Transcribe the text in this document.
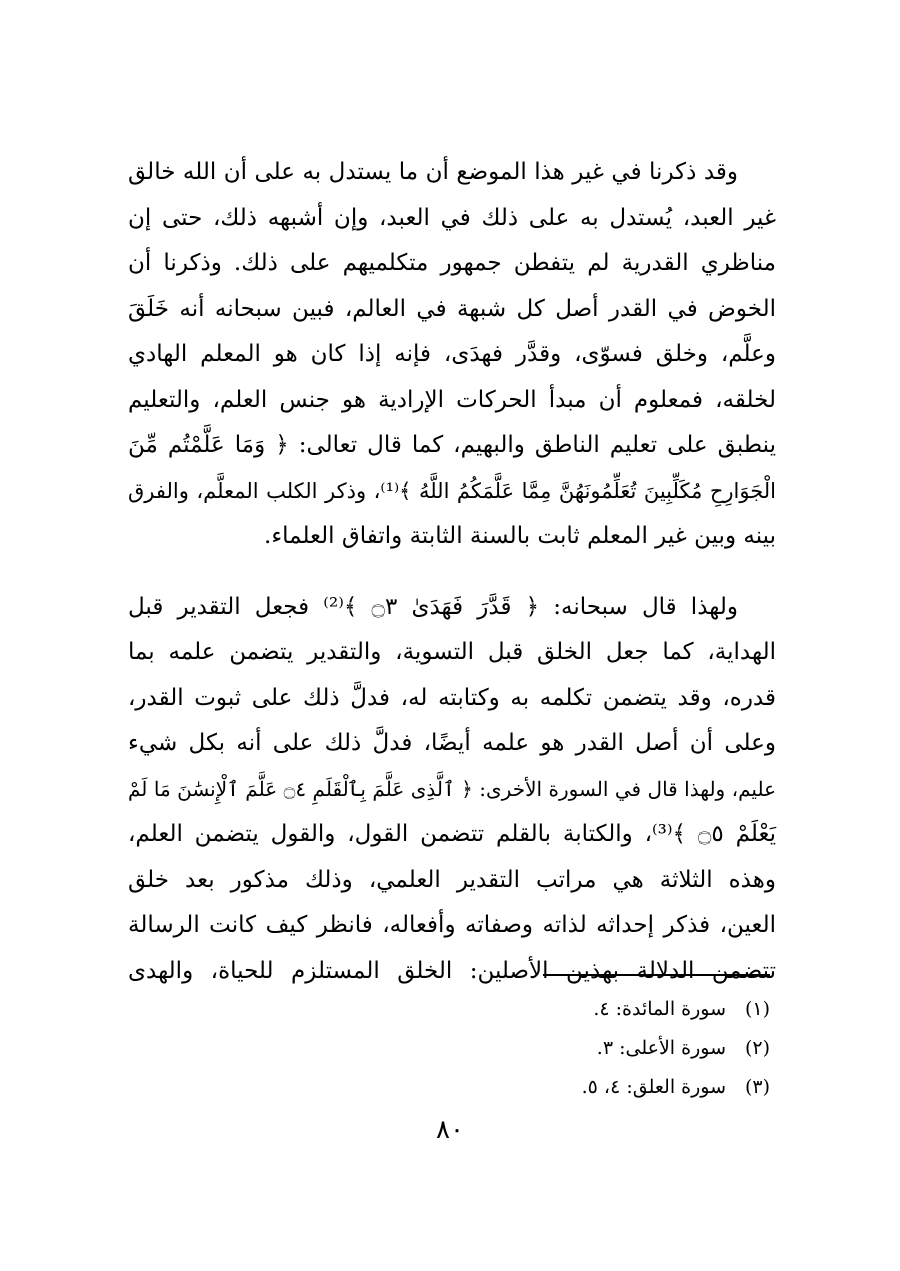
وقد ذكرنا في غير هذا الموضع أن ما يستدل به على أن الله خالق
غير العبد، يُستدل به على ذلك في العبد، وإن أشبهه ذلك، حتى إن
مناظري القدرية لم يتفطن جمهور متكلميهم على ذلك. وذكرنا أن
الخوض في القدر أصل كل شبهة في العالم، فبين سبحانه أنه خَلَقَ
وعلَّم، وخلق فسوّى، وقدَّر فهدَى، فإنه إذا كان هو المعلم الهادي
لخلقه، فمعلوم أن مبدأ الحركات الإرادية هو جنس العلم، والتعليم
ينطبق على تعليم الناطق والبهيم، كما قال تعالى: ﴿ وَمَا عَلَّمْتُم مِّنَ
الْجَوَارِحِ مُكَلِّبِينَ تُعَلِّمُونَهُنَّ مِمَّا عَلَّمَكُمُ اللَّهُ ﴾⁽¹⁾، وذكر الكلب المعلَّم، والفرق
بينه وبين غير المعلم ثابت بالسنة الثابتة واتفاق العلماء.
ولهذا قال سبحانه: ﴿ قَدَّرَ فَهَدَىٰ ۝٣ ﴾⁽²⁾ فجعل التقدير قبل
الهداية، كما جعل الخلق قبل التسوية، والتقدير يتضمن علمه بما
قدره، وقد يتضمن تكلمه به وكتابته له، فدلَّ ذلك على ثبوت القدر،
وعلى أن أصل القدر هو علمه أيضًا، فدلَّ ذلك على أنه بكل شيء
عليم، ولهذا قال في السورة الأخرى: ﴿ ٱلَّذِى عَلَّمَ بِٱلْقَلَمِ ۝٤ عَلَّمَ ٱلْإِنسَٰنَ مَا لَمْ
يَعْلَمْ ۝٥ ﴾⁽³⁾، والكتابة بالقلم تتضمن القول، والقول يتضمن العلم،
وهذه الثلاثة هي مراتب التقدير العلمي، وذلك مذكور بعد خلق
العين، فذكر إحداثه لذاته وصفاته وأفعاله، فانظر كيف كانت الرسالة
تتضمن الدلالة بهذين الأصلين: الخلق المستلزم للحياة، والهدى
(١)سورة المائدة: ٤.
(٢)سورة الأعلى: ٣.
(٣)سورة العلق: ٤، ٥.
٨٠
